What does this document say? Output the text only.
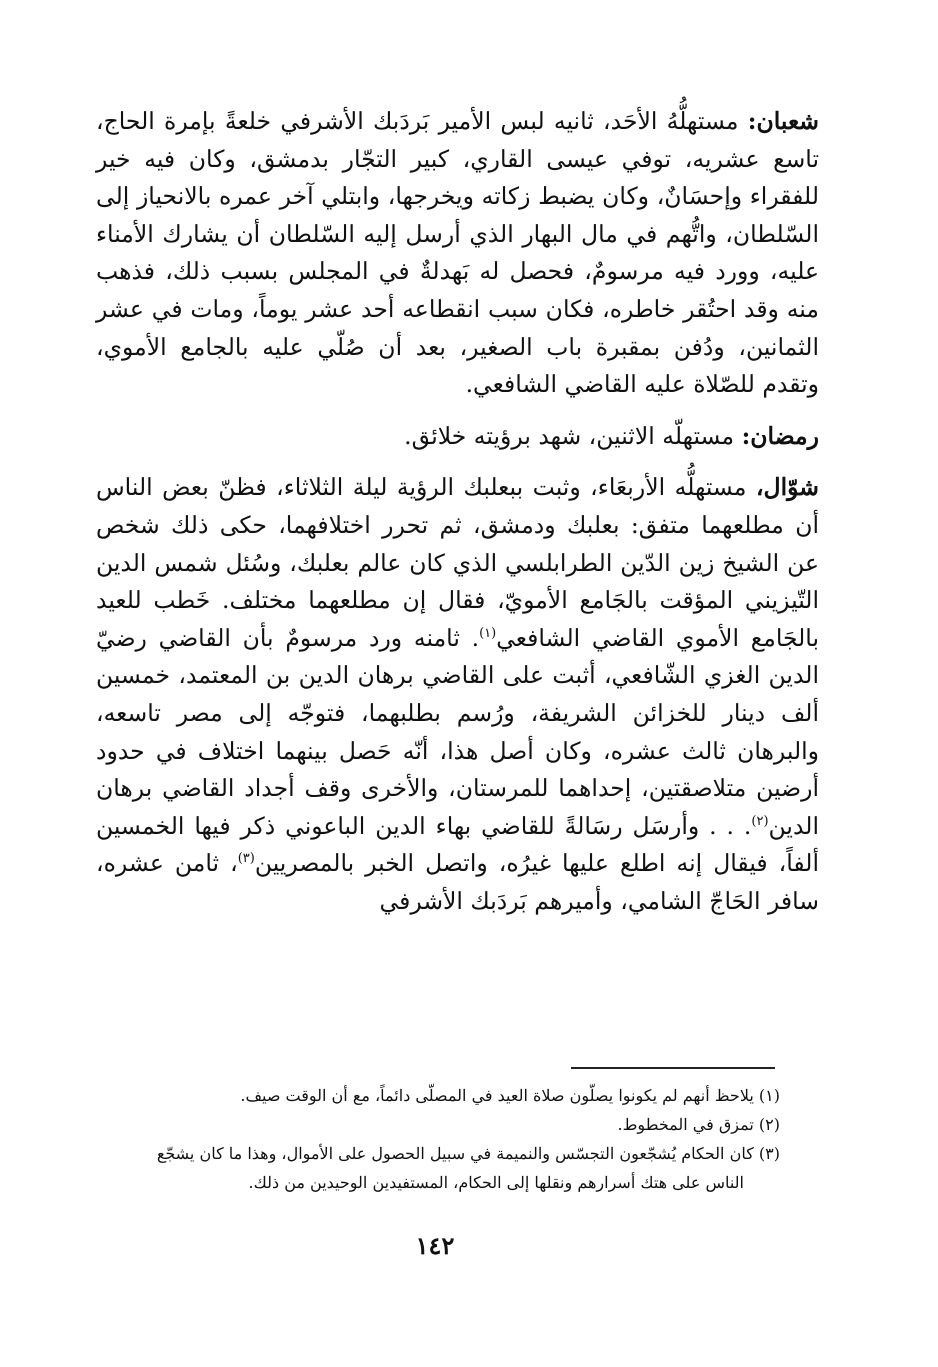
شعبان: مستهلُّهُ الأحَد، ثانيه لبس الأمير بَردَبك الأشرفي خلعةً بإمرة الحاج، تاسع عشريه، توفي عيسى القاري، كبير التجّار بدمشق، وكان فيه خير للفقراء وإحسَانٌ، وكان يضبط زكاته ويخرجها، وابتلي آخر عمره بالانحياز إلى السّلطان، واتُّهم في مال البهار الذي أرسل إليه السّلطان أن يشارك الأمناء عليه، وورد فيه مرسومٌ، فحصل له بَهدلةٌ في المجلس بسبب ذلك، فذهب منه وقد احتُقر خاطره، فكان سبب انقطاعه أحد عشر يوماً، ومات في عشر الثمانين، ودُفن بمقبرة باب الصغير، بعد أن صُلّي عليه بالجامع الأموي، وتقدم للصّلاة عليه القاضي الشافعي.

رمضان: مستهلّه الاثنين، شهد برؤيته خلائق.

شوّال، مستهلُّه الأربعَاء، وثبت ببعلبك الرؤية ليلة الثلاثاء، فظنّ بعض الناس أن مطلعهما متفق: بعلبك ودمشق، ثم تحرر اختلافهما، حكى ذلك شخص عن الشيخ زين الدّين الطرابلسي الذي كان عالم بعلبك، وسُئل شمس الدين التّيزيني المؤقت بالجَامع الأمويّ، فقال إن مطلعهما مختلف. خَطب للعيد بالجَامع الأموي القاضي الشافعي$^{(١)}$. ثامنه ورد مرسومٌ بأن القاضي رضيّ الدين الغزي الشّافعي، أثبت على القاضي برهان الدين بن المعتمد، خمسين ألف دينار للخزائن الشريفة، ورُسم بطلبهما، فتوجّه إلى مصر تاسعه، والبرهان ثالث عشره، وكان أصل هذا، أنّه حَصل بينهما اختلاف في حدود أرضين متلاصقتين، إحداهما للمرستان، والأخرى وقف أجداد القاضي برهان الدين$^{(٢)}$. . . وأرسَل رسَالةً للقاضي بهاء الدين الباعوني ذكر فيها الخمسين ألفاً، فيقال إنه اطلع عليها غيرُه، واتصل الخبر بالمصريين$^{(٣)}$، ثامن عشره، سافر الحَاجّ الشامي، وأميرهم بَردَبك الأشرفي

(١) يلاحظ أنهم لم يكونوا يصلّون صلاة العيد في المصلّى دائماً، مع أن الوقت صيف.

(٢) تمزق في المخطوط.

(٣) كان الحكام يُشجّعون التجسّس والنميمة في سبيل الحصول على الأموال، وهذا ما كان يشجّع

الناس على هتك أسرارهم ونقلها إلى الحكام، المستفيدين الوحيدين من ذلك.

١٤٢
